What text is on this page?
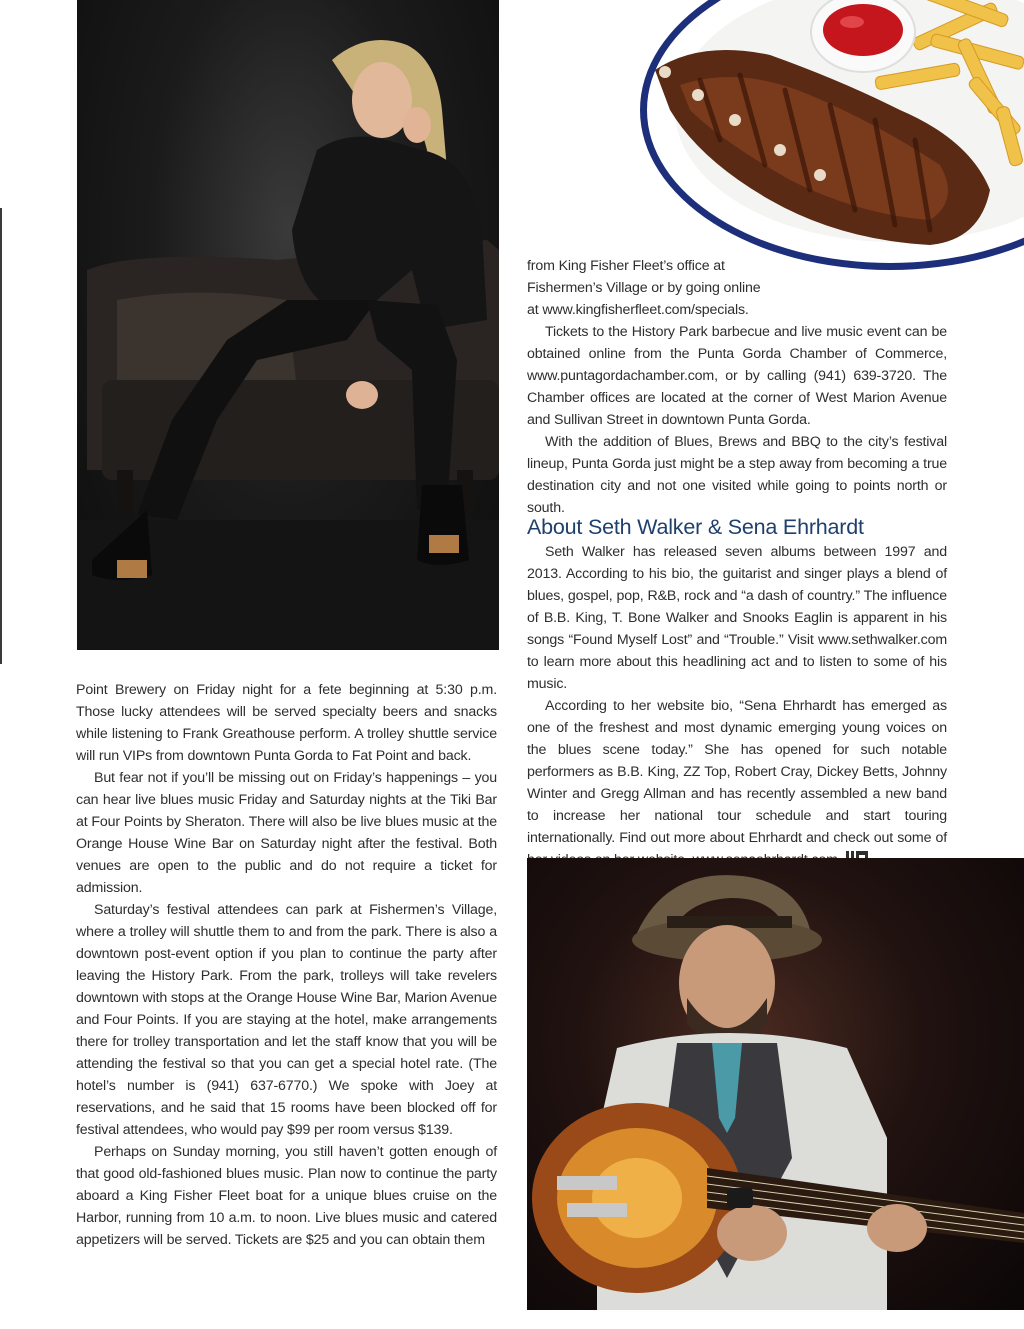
Point Brewery on Friday night for a fete beginning at 5:30 p.m. Those lucky attendees will be served specialty beers and snacks while listening to Frank Greathouse perform. A trolley shuttle service will run VIPs from downtown Punta Gorda to Fat Point and back.

But fear not if you’ll be missing out on Friday’s happenings – you can hear live blues music Friday and Saturday nights at the Tiki Bar at Four Points by Sheraton. There will also be live blues music at the Orange House Wine Bar on Saturday night after the festival. Both venues are open to the public and do not require a ticket for admission.

Saturday’s festival attendees can park at Fishermen’s Village, where a trolley will shuttle them to and from the park. There is also a downtown post-event option if you plan to continue the party after leaving the History Park. From the park, trolleys will take revelers downtown with stops at the Orange House Wine Bar, Marion Avenue and Four Points. If you are staying at the hotel, make arrangements there for trolley transportation and let the staff know that you will be attending the festival so that you can get a special hotel rate. (The hotel’s number is (941) 637-6770.) We spoke with Joey at reservations, and he said that 15 rooms have been blocked off for festival attendees, who would pay $99 per room versus $139.

Perhaps on Sunday morning, you still haven’t gotten enough of that good old-fashioned blues music. Plan now to continue the party aboard a King Fisher Fleet boat for a unique blues cruise on the Harbor, running from 10 a.m. to noon. Live blues music and catered appetizers will be served. Tickets are $25 and you can obtain them

from King Fisher Fleet’s office at
Fishermen’s Village or by going online
at www.kingfisherfleet.com/specials.

Tickets to the History Park barbecue and live music event can be obtained online from the Punta Gorda Chamber of Commerce, www.puntagordachamber.com, or by calling (941) 639-3720. The Chamber offices are located at the corner of West Marion Avenue and Sullivan Street in downtown Punta Gorda.

With the addition of Blues, Brews and BBQ to the city’s festival lineup, Punta Gorda just might be a step away from becoming a true destination city and not one visited while going to points north or south.

About Seth Walker & Sena Ehrhardt

Seth Walker has released seven albums between 1997 and 2013. According to his bio, the guitarist and singer plays a blend of blues, gospel, pop, R&B, rock and “a dash of country.” The influence of B.B. King, T. Bone Walker and Snooks Eaglin is apparent in his songs “Found Myself Lost” and “Trouble.” Visit www.sethwalker.com to learn more about this headlining act and to listen to some of his music.

According to her website bio, “Sena Ehrhardt has emerged as one of the freshest and most dynamic emerging young voices on the blues scene today.” She has opened for such notable performers as B.B. King, ZZ Top, Robert Cray, Dickey Betts, Johnny Winter and Gregg Allman and has recently assembled a new band to increase her national tour schedule and start touring internationally. Find out more about Ehrhardt and check out some of
